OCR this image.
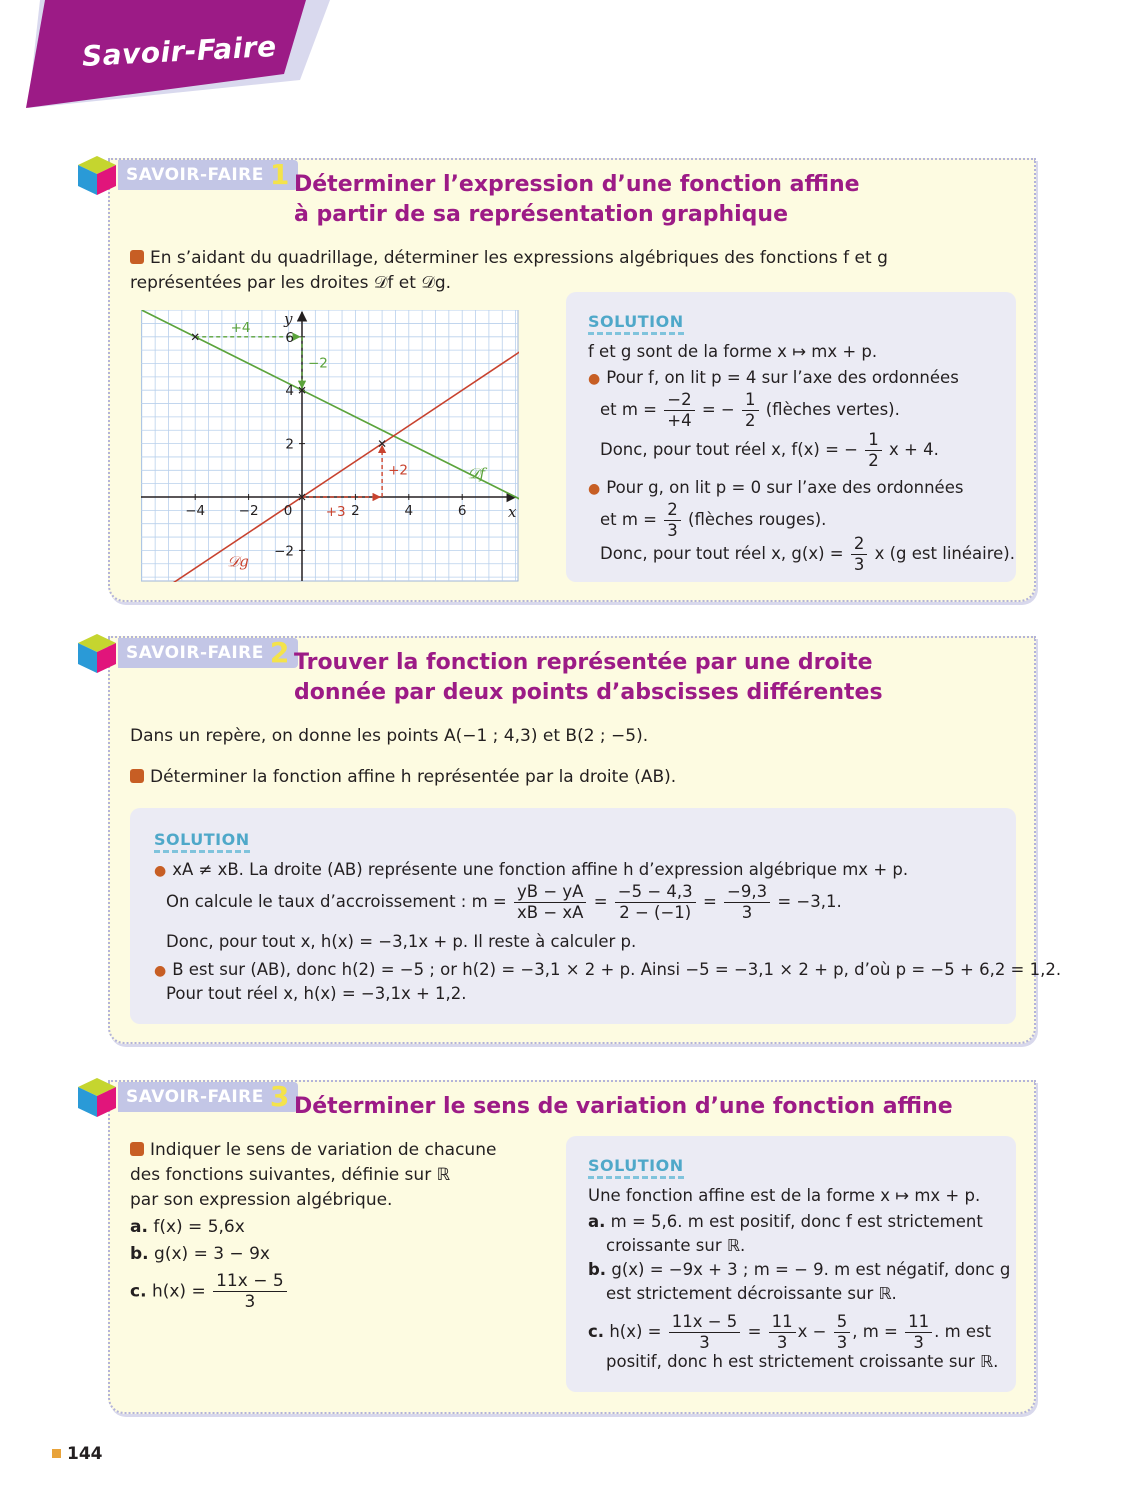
Savoir-Faire
SAVOIR-FAIRE 1 Déterminer l’expression d’une fonction affine
à partir de sa représentation graphique
En s’aidant du quadrillage, déterminer les expressions algébriques des fonctions f et g
représentées par les droites 𝒟f et 𝒟g.
−4 −2 0	2	4	6
6
4
2
−2
x
y
+4
−2
+3
+2	𝒟f
𝒟g
SOLUTION
f et g sont de la forme x ↦ mx + p.
● Pour f, on lit p = 4 sur l’axe des ordonnées
et $m = \frac{-2}{+4}$ = − $\frac{1}{2}$ (flèches vertes).
Donc, pour tout réel x, f(x) = − $\frac{1}{2}$ x + 4.
● Pour g, on lit p = 0 sur l’axe des ordonnées
et $m = \frac{2}{3}$ (flèches rouges).
Donc, pour tout réel x, $g(x) = \frac{2}{3}$ x (g est linéaire).
SAVOIR-FAIRE 2 Trouver la fonction représentée par une droite
donnée par deux points d’abscisses différentes
Dans un repère, on donne les points A(−1 ; 4,3) et B(2 ; −5).
Déterminer la fonction affine h représentée par la droite (AB).
SOLUTION
● xA ≠ xB. La droite (AB) représente une fonction affine h d’expression algébrique mx + p.
On calcule le taux d’accroissement : $m = \frac{yB - yA}{xB - xA} = \frac{-5 - 4,3}{2 - (-1)} = \frac{-9,3}{3} = -3,1$.
Donc, pour tout x, h(x) = −3,1x + p. Il reste à calculer p.
● B est sur (AB), donc h(2) = −5 ; or h(2) = −3,1 × 2 + p. Ainsi −5 = −3,1 × 2 + p, d’où p = −5 + 6,2 = 1,2.
Pour tout réel x, h(x) = −3,1x + 1,2.
SAVOIR-FAIRE 3 Déterminer le sens de variation d’une fonction affine
Indiquer le sens de variation de chacune
des fonctions suivantes, définie sur ℝ
par son expression algébrique.
a. f(x) = 5,6x
b. g(x) = 3 − 9x
c. $h(x) = \frac{11x - 5}{3}$
SOLUTION
Une fonction affine est de la forme x ↦ mx + p.
a. m = 5,6. m est positif, donc f est strictement
croissante sur ℝ.
b. g(x) = −9x + 3 ; m = − 9. m est négatif, donc g
est strictement décroissante sur ℝ.
c. $h(x) = \frac{11x - 5}{3} = \frac{11}{3}$ $x - \frac{5}{3}$ , $m = \frac{11}{3}$ . m est
positif, donc h est strictement croissante sur ℝ.
144
